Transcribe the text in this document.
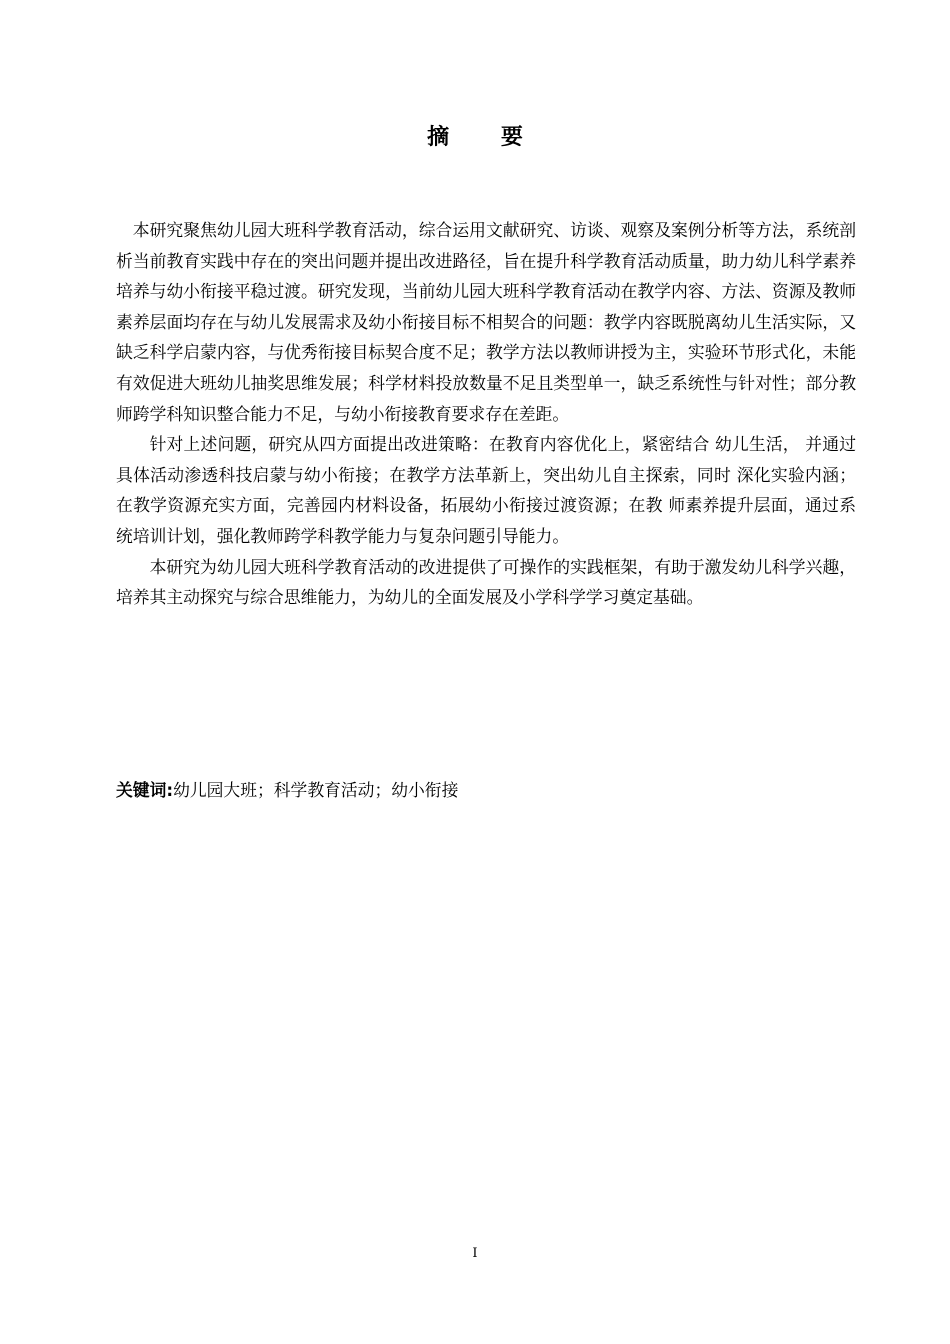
摘 要

本研究聚焦幼儿园大班科学教育活动，综合运用文献研究、访谈、观察及案例分析等方法，系统剖析当前教育实践中存在的突出问题并提出改进路径，旨在提升科学教育活动质量，助力幼儿科学素养培养与幼小衔接平稳过渡。研究发现，当前幼儿园大班科学教育活动在教学内容、方法、资源及教师素养层面均存在与幼儿发展需求及幼小衔接目标不相契合的问题：教学内容既脱离幼儿生活实际，又缺乏科学启蒙内容，与优秀衔接目标契合度不足；教学方法以教师讲授为主，实验环节形式化，未能有效促进大班幼儿抽奖思维发展；科学材料投放数量不足且类型单一，缺乏系统性与针对性；部分教师跨学科知识整合能力不足，与幼小衔接教育要求存在差距。

针对上述问题，研究从四方面提出改进策略：在教育内容优化上，紧密结合 幼儿生活， 并通过具体活动渗透科技启蒙与幼小衔接；在教学方法革新上，突出幼儿自主探索，同时 深化实验内涵；在教学资源充实方面，完善园内材料设备，拓展幼小衔接过渡资源；在教 师素养提升层面，通过系统培训计划，强化教师跨学科教学能力与复杂问题引导能力。

本研究为幼儿园大班科学教育活动的改进提供了可操作的实践框架，有助于激发幼儿科学兴趣，培养其主动探究与综合思维能力，为幼儿的全面发展及小学科学学习奠定基础。

关键词:幼儿园大班；科学教育活动；幼小衔接
I
